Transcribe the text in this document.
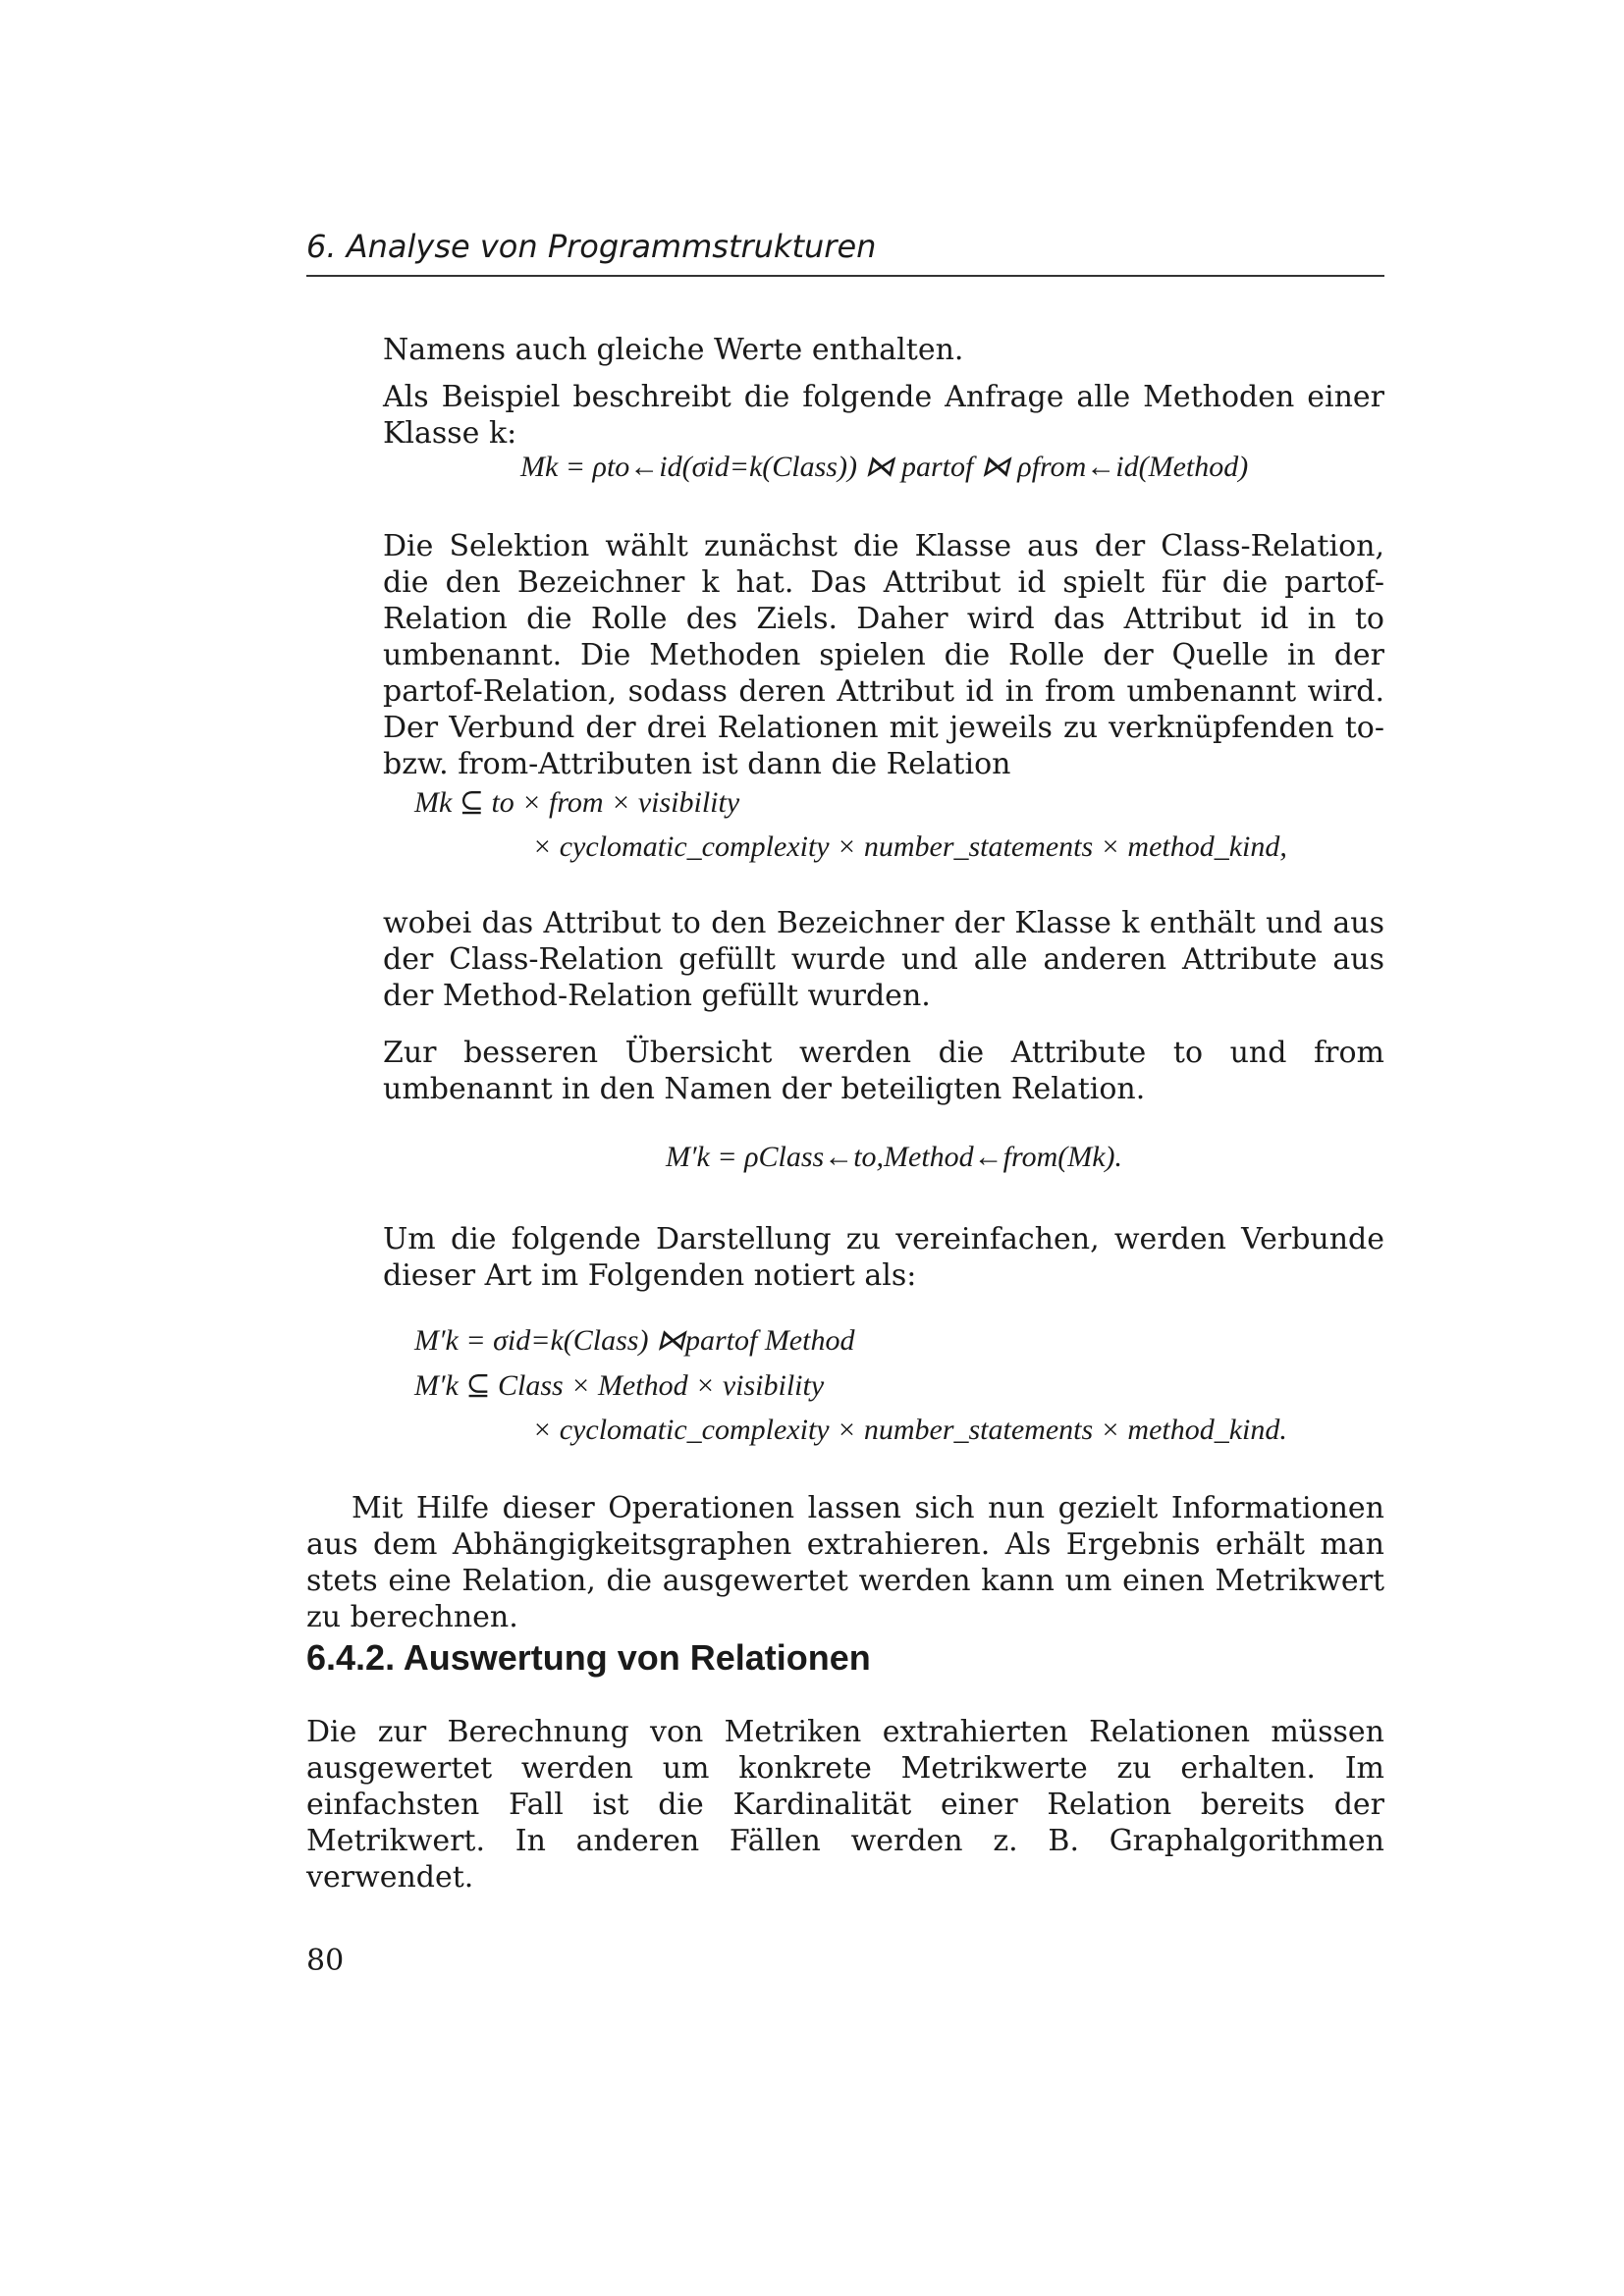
6. Analyse von Programmstrukturen

Namens auch gleiche Werte enthalten.

Als Beispiel beschreibt die folgende Anfrage alle Methoden einer Klasse k:

Mk = ρto←id(σid=k(Class)) ⋈ partof ⋈ ρfrom←id(Method)

Die Selektion wählt zunächst die Klasse aus der Class-Relation, die den Bezeichner k hat. Das Attribut id spielt für die partof-Relation die Rolle des Ziels. Daher wird das Attribut id in to umbenannt. Die Methoden spielen die Rolle der Quelle in der partof-Relation, sodass deren Attribut id in from umbenannt wird. Der Verbund der drei Relationen mit jeweils zu verknüpfenden to- bzw. from-Attributen ist dann die Relation

Mk ⊆ to × from × visibility
× cyclomatic_complexity × number_statements × method_kind,

wobei das Attribut to den Bezeichner der Klasse k enthält und aus der Class-Relation gefüllt wurde und alle anderen Attribute aus der Method-Relation gefüllt wurden.

Zur besseren Übersicht werden die Attribute to und from umbenannt in den Namen der beteiligten Relation.

M′k = ρClass←to,Method←from(Mk).

Um die folgende Darstellung zu vereinfachen, werden Verbunde dieser Art im Folgenden notiert als:

M′k = σid=k(Class) ⋈partof Method
M′k ⊆ Class × Method × visibility
× cyclomatic_complexity × number_statements × method_kind.

Mit Hilfe dieser Operationen lassen sich nun gezielt Informationen aus dem Abhängigkeitsgraphen extrahieren. Als Ergebnis erhält man stets eine Relation, die ausgewertet werden kann um einen Metrikwert zu berechnen.

6.4.2. Auswertung von Relationen

Die zur Berechnung von Metriken extrahierten Relationen müssen ausgewertet werden um konkrete Metrikwerte zu erhalten. Im einfachsten Fall ist die Kardinalität einer Relation bereits der Metrikwert. In anderen Fällen werden z. B. Graphalgorithmen verwendet.

80
